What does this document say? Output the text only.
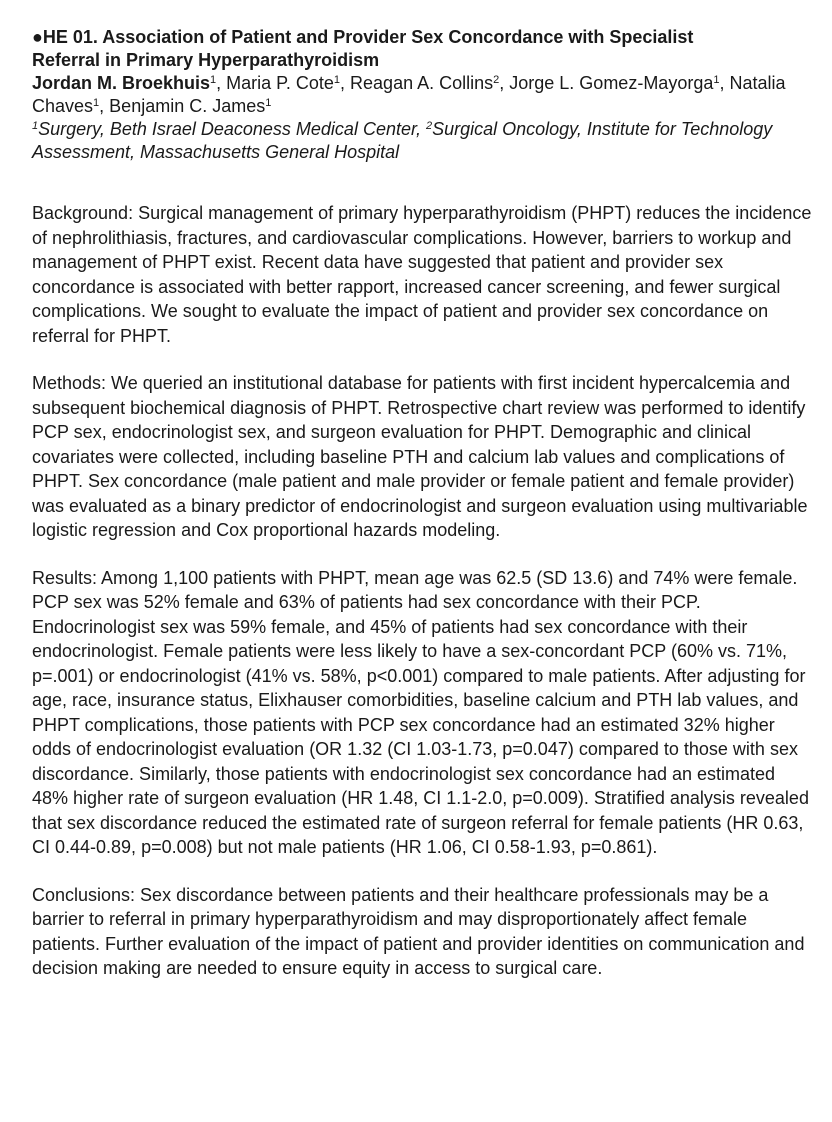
●HE 01. Association of Patient and Provider Sex Concordance with Specialist
Referral in Primary Hyperparathyroidism

Jordan M. Broekhuis$^1$, Maria P. Cote$^1$, Reagan A. Collins$^2$, Jorge L. Gomez-Mayorga$^1$, Natalia Chaves$^1$, Benjamin C. James$^1$

$^1$Surgery, Beth Israel Deaconess Medical Center, $^2$Surgical Oncology, Institute for Technology Assessment, Massachusetts General Hospital

Background: Surgical management of primary hyperparathyroidism (PHPT) reduces the incidence of nephrolithiasis, fractures, and cardiovascular complications. However, barriers to workup and management of PHPT exist. Recent data have suggested that patient and provider sex concordance is associated with better rapport, increased cancer screening, and fewer surgical complications. We sought to evaluate the impact of patient and provider sex concordance on referral for PHPT.

Methods: We queried an institutional database for patients with first incident hypercalcemia and subsequent biochemical diagnosis of PHPT. Retrospective chart review was performed to identify PCP sex, endocrinologist sex, and surgeon evaluation for PHPT. Demographic and clinical covariates were collected, including baseline PTH and calcium lab values and complications of PHPT. Sex concordance (male patient and male provider or female patient and female provider) was evaluated as a binary predictor of endocrinologist and surgeon evaluation using multivariable logistic regression and Cox proportional hazards modeling.

Results: Among 1,100 patients with PHPT, mean age was 62.5 (SD 13.6) and 74% were female. PCP sex was 52% female and 63% of patients had sex concordance with their PCP. Endocrinologist sex was 59% female, and 45% of patients had sex concordance with their endocrinologist. Female patients were less likely to have a sex-concordant PCP (60% vs. 71%, p=.001) or endocrinologist (41% vs. 58%, p<0.001) compared to male patients. After adjusting for age, race, insurance status, Elixhauser comorbidities, baseline calcium and PTH lab values, and PHPT complications, those patients with PCP sex concordance had an estimated 32% higher odds of endocrinologist evaluation (OR 1.32 (CI 1.03-1.73, p=0.047) compared to those with sex discordance. Similarly, those patients with endocrinologist sex concordance had an estimated 48% higher rate of surgeon evaluation (HR 1.48, CI 1.1-2.0, p=0.009). Stratified analysis revealed that sex discordance reduced the estimated rate of surgeon referral for female patients (HR 0.63, CI 0.44-0.89, p=0.008) but not male patients (HR 1.06, CI 0.58-1.93, p=0.861).

Conclusions: Sex discordance between patients and their healthcare professionals may be a barrier to referral in primary hyperparathyroidism and may disproportionately affect female patients. Further evaluation of the impact of patient and provider identities on communication and decision making are needed to ensure equity in access to surgical care.
